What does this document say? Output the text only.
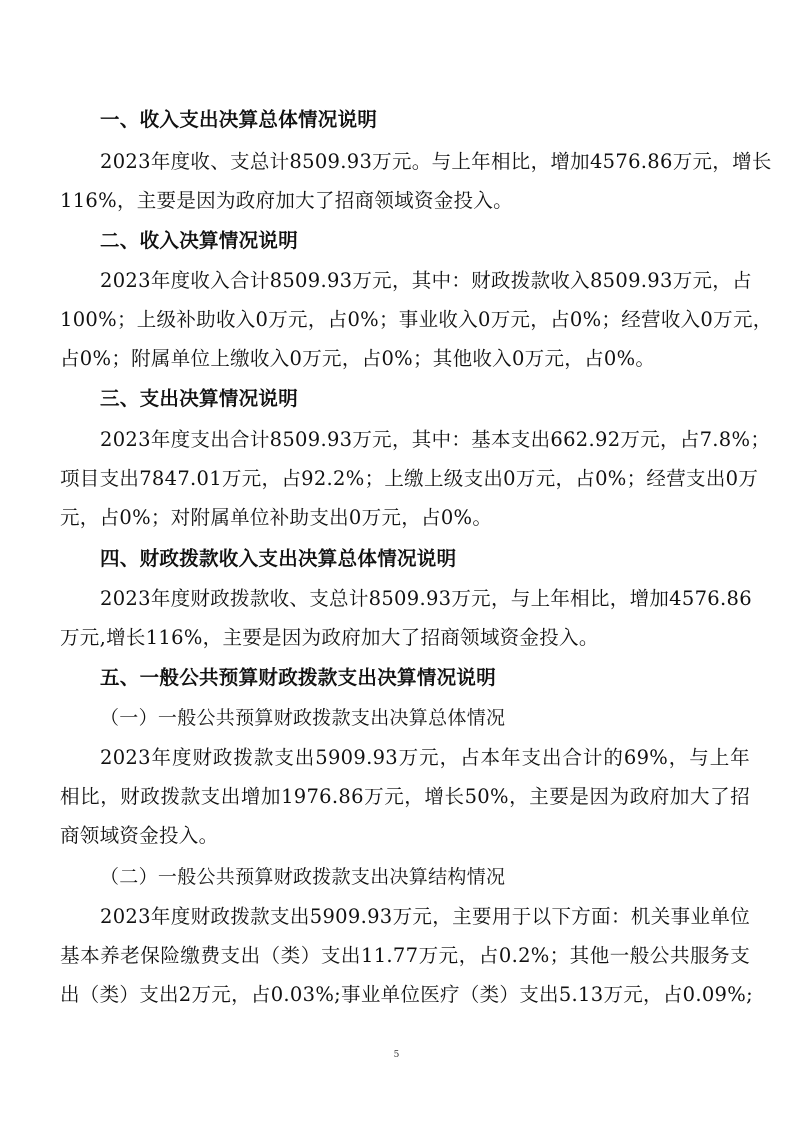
一、收入支出决算总体情况说明
2023年度收、支总计8509.93万元。与上年相比，增加4576.86万元，增长
116%，主要是因为政府加大了招商领域资金投入。
二、收入决算情况说明
2023年度收入合计8509.93万元，其中：财政拨款收入8509.93万元，占
100%；上级补助收入0万元，占0%；事业收入0万元，占0%；经营收入0万元，
占0%；附属单位上缴收入0万元，占0%；其他收入0万元，占0%。
三、支出决算情况说明
2023年度支出合计8509.93万元，其中：基本支出662.92万元，占7.8%；
项目支出7847.01万元，占92.2%；上缴上级支出0万元，占0%；经营支出0万
元，占0%；对附属单位补助支出0万元，占0%。
四、财政拨款收入支出决算总体情况说明
2023年度财政拨款收、支总计8509.93万元，与上年相比，增加4576.86
万元,增长116%，主要是因为政府加大了招商领域资金投入。
五、一般公共预算财政拨款支出决算情况说明
（一）一般公共预算财政拨款支出决算总体情况
2023年度财政拨款支出5909.93万元，占本年支出合计的69%，与上年
相比，财政拨款支出增加1976.86万元，增长50%，主要是因为政府加大了招
商领域资金投入。
（二）一般公共预算财政拨款支出决算结构情况
2023年度财政拨款支出5909.93万元，主要用于以下方面：机关事业单位
基本养老保险缴费支出（类）支出11.77万元，占0.2%；其他一般公共服务支
出（类）支出2万元，占0.03%;事业单位医疗（类）支出5.13万元，占0.09%;
5
